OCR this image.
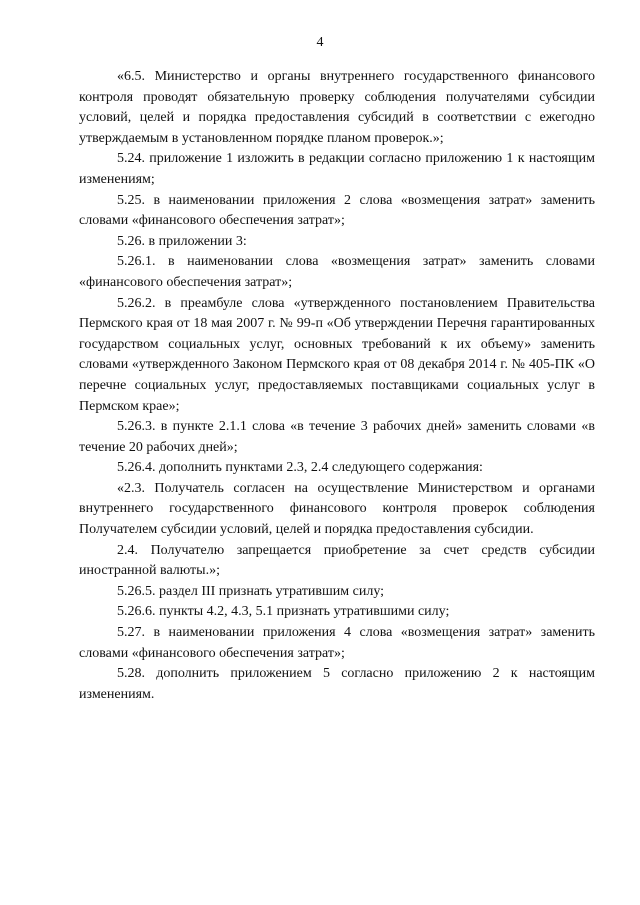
4

«6.5. Министерство и органы внутреннего государственного финансового контроля проводят обязательную проверку соблюдения получателями субсидии условий, целей и порядка предоставления субсидий в соответствии с ежегодно утверждаемым в установленном порядке планом проверок.»;

5.24. приложение 1 изложить в редакции согласно приложению 1 к настоящим изменениям;

5.25. в наименовании приложения 2 слова «возмещения затрат» заменить словами «финансового обеспечения затрат»;

5.26. в приложении 3:

5.26.1. в наименовании слова «возмещения затрат» заменить словами «финансового обеспечения затрат»;

5.26.2. в преамбуле слова «утвержденного постановлением Правительства Пермского края от 18 мая 2007 г. № 99-п «Об утверждении Перечня гарантированных государством социальных услуг, основных требований к их объему» заменить словами «утвержденного Законом Пермского края от 08 декабря 2014 г. № 405-ПК «О перечне социальных услуг, предоставляемых поставщиками социальных услуг в Пермском крае»;

5.26.3. в пункте 2.1.1 слова «в течение 3 рабочих дней» заменить словами «в течение 20 рабочих дней»;

5.26.4. дополнить пунктами 2.3, 2.4 следующего содержания:

«2.3. Получатель согласен на осуществление Министерством и органами внутреннего государственного финансового контроля проверок соблюдения Получателем субсидии условий, целей и порядка предоставления субсидии.

2.4. Получателю запрещается приобретение за счет средств субсидии иностранной валюты.»;

5.26.5. раздел III признать утратившим силу;

5.26.6. пункты 4.2, 4.3, 5.1 признать утратившими силу;

5.27. в наименовании приложения 4 слова «возмещения затрат» заменить словами «финансового обеспечения затрат»;

5.28. дополнить приложением 5 согласно приложению 2 к настоящим изменениям.
